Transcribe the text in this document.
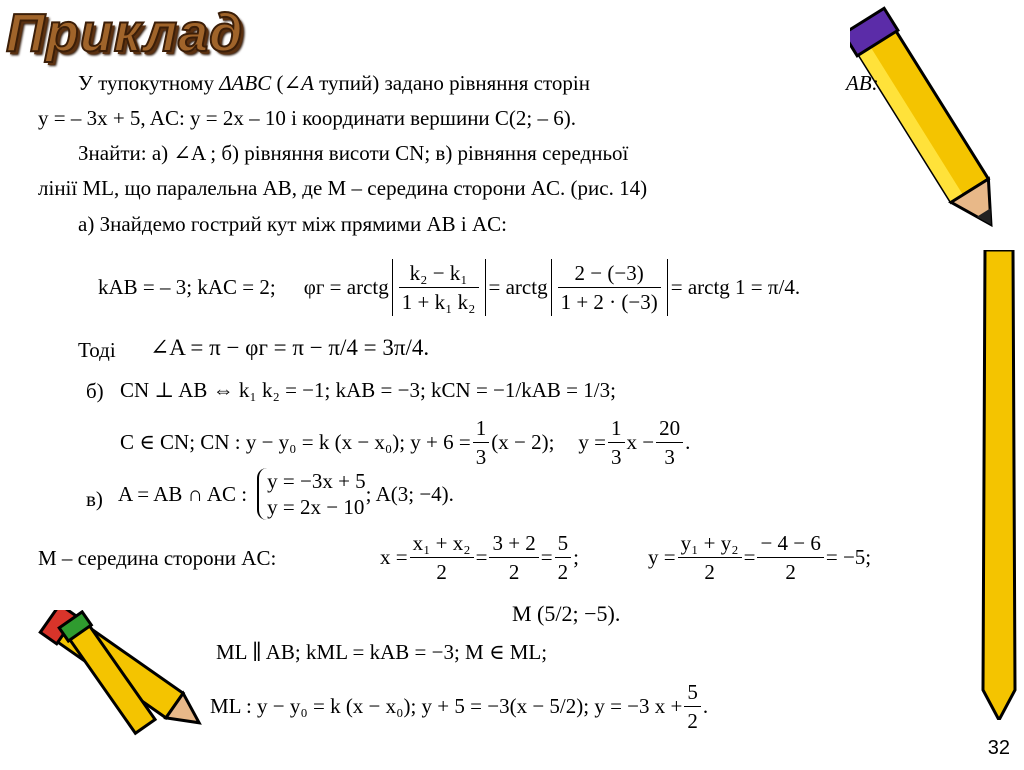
Приклад
У тупокутному ΔABC (∠A тупий) задано рівняння сторін	AB:
y = – 3x + 5, AC: y = 2x – 10 і координати вершини C(2; – 6).
Знайти: а) ∠A ; б) рівняння висоти CN; в) рівняння середньої
лінії ML, що паралельна AB, де M – середина сторони AC. (рис. 14)
а) Знайдемо гострий кут між прямими AB і AC:
kAB = – 3; kAC = 2; φг = arctg $\frac{\text{k₂ − k₁}}{\text{1 + k₁ k₂}}$ = arctg $\frac{2 - (-3)}{1 + 2 \cdot (-3)}$ = arctg 1 = π/4.
Тоді ∠A = π − φг = π − π/4 = 3π/4.
б) CN ⊥ AB ⇔ k₁ k₂ = −1; kAB = −3; kCN = −1/kAB = 1/3;
C ∈ CN; CN : y − y₀ = k (x − x₀); $y + 6 = \frac{1}{3} (x - 2)$; $y = \frac{1}{3}$ $x - \frac{20}{3}$ .
в) A = AB ∩ AC :
y = −3x + 5
y = 2x − 10
; A(3; −4).
M – середина сторони AC:	$x = \frac{\text{x₁ + x₂}}{2} = \frac{3 + 2}{2} = \frac{5}{2}$ ;	$y = \frac{\text{y₁ + y₂}}{2} = \frac{- 4 - 6}{2} = -5$;
M (5/2; −5).
ML ∥ AB; kML = kAB = −3; M ∈ ML;
ML : y − y₀ = k (x − x₀); y + 5 = −3(x − 5/2); y = −3 $x + \frac{5}{2}$ .
32
